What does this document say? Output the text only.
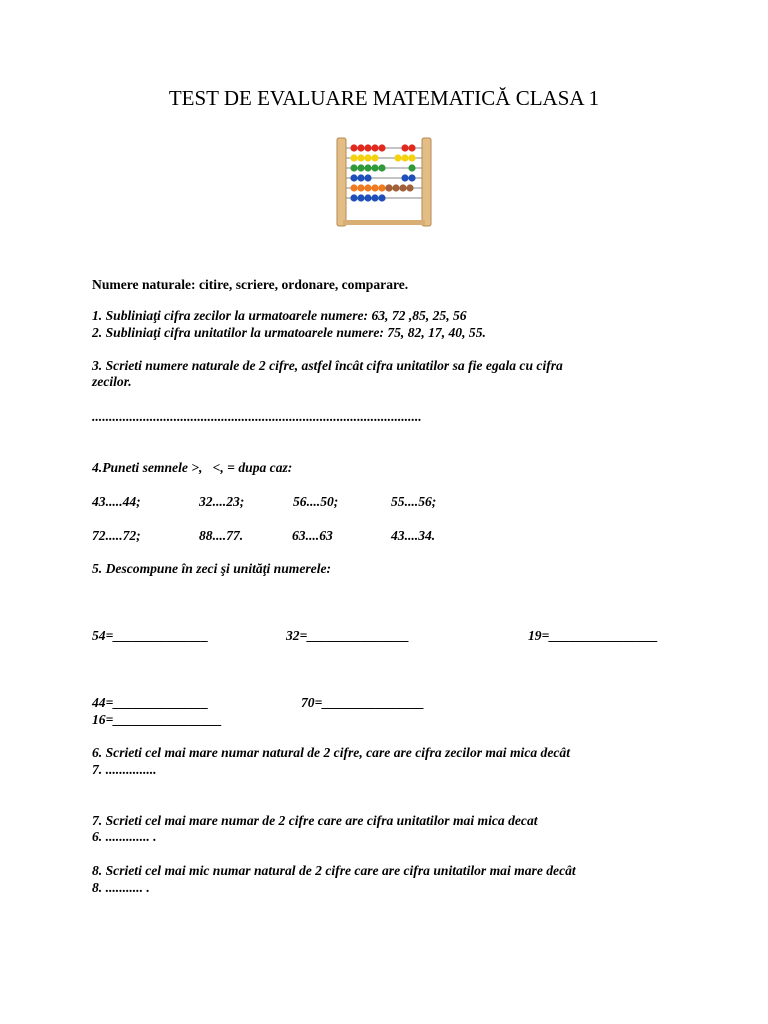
TEST DE EVALUARE MATEMATICĂ CLASA 1
Numere naturale: citire, scriere, ordonare, comparare.
1. Subliniaţi cifra zecilor la urmatoarele numere: 63, 72 ,85, 25, 56
2. Subliniaţi cifra unitatilor la urmatoarele numere: 75, 82, 17, 40, 55.
3. Scrieti numere naturale de 2 cifre, astfel încât cifra unitatilor sa fie egala cu cifra
zecilor.
.................................................................................................
4.Puneti semnele >,   <, = dupa caz:
43.....44;	32....23;	56....50;	55....56;
72.....72;	88....77.	63....63	43....34.
5. Descompune în zeci şi unităţi numerele:
54=______________	32=_______________	19=________________
44=______________	70=_______________
16=________________
6. Scrieti cel mai mare numar natural de 2 cifre, care are cifra zecilor mai mica decât
7. ...............
7. Scrieti cel mai mare numar de 2 cifre care are cifra unitatilor mai mica decat
6. ............. .
8. Scrieti cel mai mic numar natural de 2 cifre care are cifra unitatilor mai mare decât
8. ........... .
